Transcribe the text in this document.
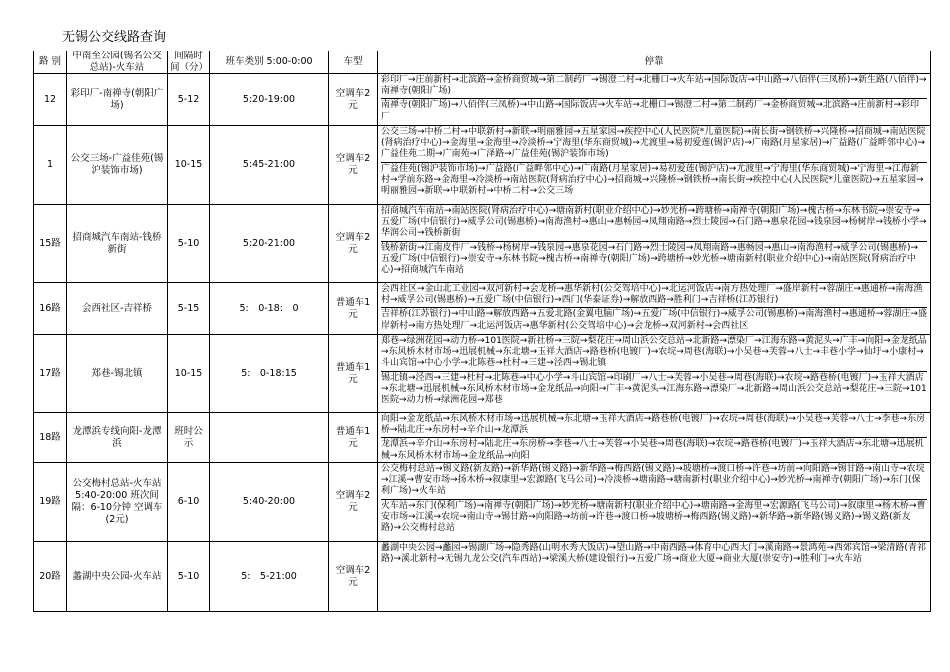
无锡公交线路查询
路 别
中南至公园(锡名公交总站)-火车站
间隔时间（分）
班车类别 5:00-0:00	车型	停靠
12
彩印厂-南禅寺(朝阳广场)
5-12	5:20-19:00
空调车2元
彩印厂→庄前新村→北滨路→金桥商贸城→第二制药厂→锡澄二村→北栅口→火车站→国际饭店→中山路→八佰伴(三凤桥)→新生路(八佰伴)→南禅寺(朝阳广场)
南禅寺(朝阳广场)→八佰伴(三凤桥)→中山路→国际饭店→火车站→北栅口→锡澄二村→第二制药厂→金桥商贸城→北滨路→庄前新村→彩印厂
1
公交三场-广益佳苑(锡沪装饰市场)
10-15	5:45-21:00
空调车2元
公交三场→中桥二村→中联新村→新联→明丽雅园→五星家园→疾控中心(人民医院*儿童医院)→南长街→钢铁桥→兴隆桥→招商城→南站医院(肾病治疗中心)→金海里→金海里→冷淡桥→宁海里(华东商贸城)→尤渡里→易初爱莲(锡沪店)→广南路(月星家居)→广益路(广益畔邻中心)→广益佳苑二期→广南苑→广泽路→广益佳苑(锡沪装饰市场)
广益佳苑(锡沪装饰市场)→广益路(广益畔邻中心)→广南路(月星家居)→易初爱莲(锡沪店)→尤渡里→宁海里(华东商贸城)→宁海里→江海新村→学前东路→金海里→冷淡桥→南站医院(肾病治疗中心)→招商城→兴隆桥→钢铁桥→南长街→疾控中心(人民医院*儿童医院)→五星家园→明丽雅园→新联→中联新村→中桥二村→公交三场
15路
招商城汽车南站-钱桥新街
5-10	5:20-21:00
空调车2元
招商城汽车南站→南站医院(肾病治疗中心)→塘南新村(职业介绍中心)→妙光桥→跨塘桥→南禅寺(朝阳广场)→槐古桥→东林书院→崇安寺→五爱广场(中信银行)→威孚公司(锡惠桥)→南海渔村→惠山→惠畅园→凤翔南路→烈士陵园→石门路→惠泉花园→钱泉园→杨树岸→钱桥小学→华润公司→钱桥新街
钱桥新街→江南皮件厂→钱桥→杨树岸→钱泉园→惠泉花园→石门路→烈士陵园→凤翔南路→惠畅园→惠山→南海渔村→威孚公司(锡惠桥)→五爱广场(中信银行)→崇安寺→东林书院→槐古桥→南禅寺(朝阳广场)→跨塘桥→妙光桥→塘南新村(职业介绍中心)→南站医院(肾病治疗中心)→招商城汽车南站
16路	会西社区-吉祥桥	5-15	5:　0-18:　0
普通车1元
会西社区→金山北工业园→双河新村→会龙桥→惠华新村(公交驾培中心)→北运河饭店→南方热处理厂→盛岸新村→蓉湖庄→惠通桥→南海渔村→威孚公司(锡惠桥)→五爱广场(中信银行)→西门(华泰证券)→解放西路→胜利门→吉祥桥(江苏银行)
吉祥桥(江苏银行)→中山路→解放西路→五爱北路(金翼电脑广场)→五爱广场(中信银行)→威孚公司(锡惠桥)→南海渔村→惠通桥→蓉湖庄→盛岸新村→南方热处理厂→北运河饭店→惠华新村(公交驾培中心)→会龙桥→双河新村→会西社区
17路	郑巷-锡北镇	10-15	5:　0-18:15
普通车1元
郑巷→绿洲花园→动力桥→101医院→新社桥→三院→梨花庄→周山浜公交总站→北新路→漂染厂→江海东路→黄泥头→广丰→向阳→金龙纸品→东风桥木材市场→迅展机械→东北塘→玉祥大酒店→路巷桥(电镀厂)→农垸→周巷(海联)→小吴巷→芙蓉→八士→丰巷小学→仙圩→小康村→斗山宾馆→中心小学→北陈巷→杜村→三建→泾西→锡北镇
锡北镇→泾西→三建→杜村→北陈巷→中心小学→斗山宾馆→印刷厂→八士→芙蓉→小吴巷→周巷(海联)→农垸→路巷桥(电镀厂)→玉祥大酒店→东北塘→迅展机械→东风桥木材市场→金龙纸品→向阳→广丰→黄泥头→江海东路→漂染厂→北新路→周山浜公交总站→梨花庄→三院→101医院→动力桥→绿洲花园→郑巷
18路
龙潭浜专线向阳-龙潭浜
班时公示
普通车1元
向阳→金龙纸品→东风桥木材市场→迅展机械→东北塘→玉祥大酒店→路巷桥(电镀厂)→农垸→周巷(海联)→小吴巷→芙蓉→八士→李巷→东房桥→陆北庄→东房村→辛介山→龙潭浜
龙潭浜→辛介山→东房村→陆北庄→东房桥→李巷→八士→芙蓉→小吴巷→周巷(海联)→农垸→路巷桥(电镀厂)→玉祥大酒店→东北塘→迅展机械→东风桥木材市场→金龙纸品→向阳
19路
公交梅村总站-火车站 5:40-20:00 班次间隔：6-10分钟 空调车(2元)
6-10	5:40-20:00
空调车2元
公交梅村总站→锡义路(新友路)→新华路(锡义路)→新华路→梅西路(锡义路)→坡塘桥→渡口桥→许巷→坊前→向阳路→锡甘路→南山寺→农垸→江溪→曹安市场→扬木桥→叙康里→宏源路(飞马公司)→冷淡桥→塘南路→塘南新村(职业介绍中心)→妙光桥→南禅寺(朝阳广场)→东门(保利广场)→火车站
火车站→东门(保利广场)→南禅寺(朝阳广场)→妙光桥→塘南新村(职业介绍中心)→塘南路→金海里→宏源路(飞马公司)→叙康里→杨木桥→曹安市场→江溪→农垸→南山寺→锡甘路→向阳路→坊前→许巷→渡口桥→坡塘桥→梅西路(锡义路)→新华路→新华路(锡义路)→锡义路(新友路)→公交梅村总站
20路	蠡湖中央公园-火车站	5-10	5:　5-21:00
空调车2元
蠡湖中央公园→蠡园→锡湖广场→隐秀路(山明水秀大饭店)→望山路→中南西路→体育中心西大门→溪南路→景鸿苑→西郊宾馆→梁清路(青祁路)→溪北新村→无锡九龙公交(汽车西站)→梁溪大桥(建设银行)→五爱广场→商业大厦→商业大厦(崇安寺)→胜利门→火车站
